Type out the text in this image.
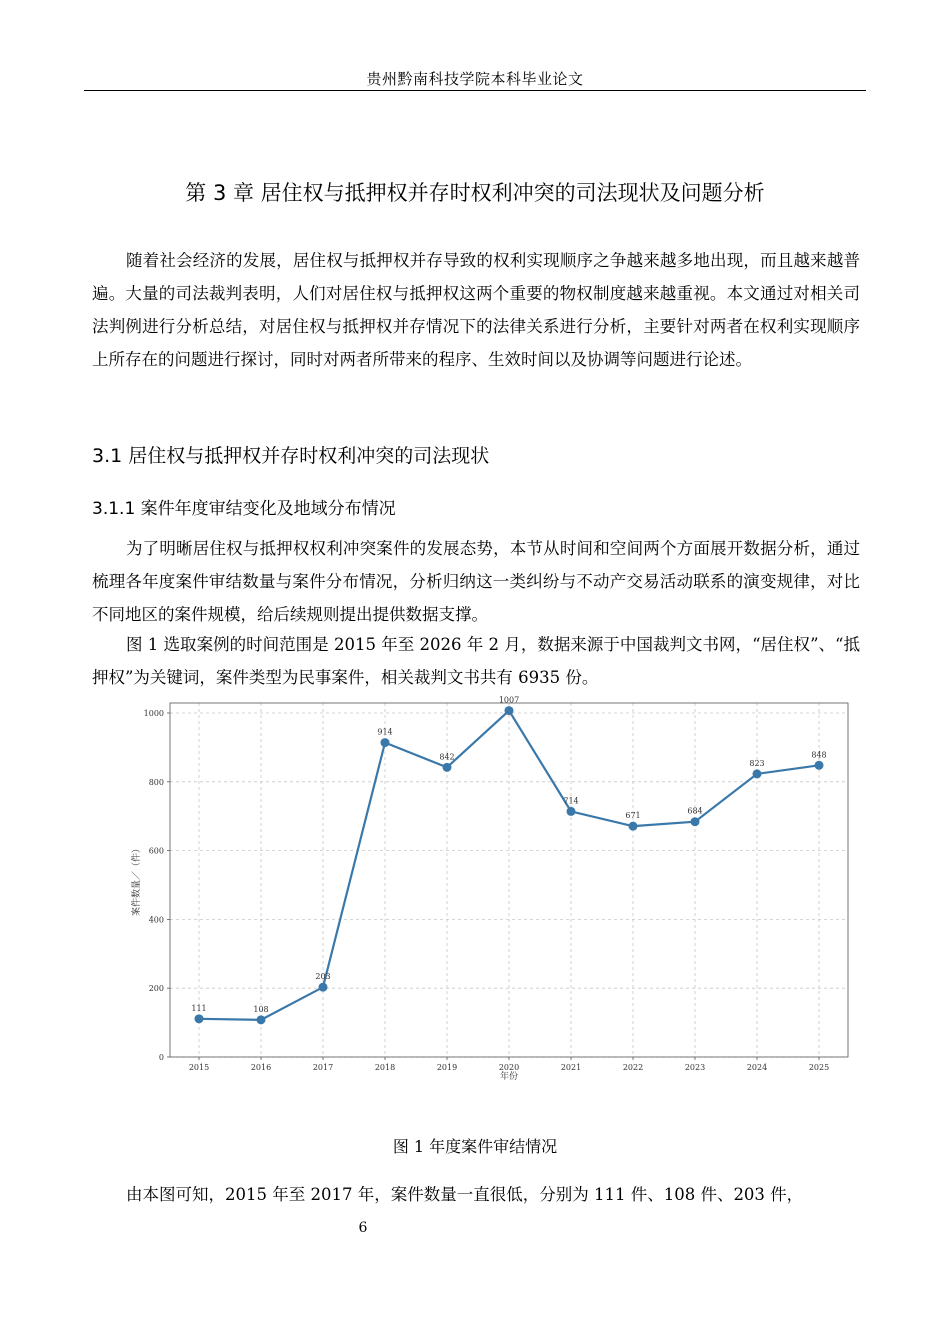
贵州黔南科技学院本科毕业论文
第 3 章 居住权与抵押权并存时权利冲突的司法现状及问题分析

随着社会经济的发展，居住权与抵押权并存导致的权利实现顺序之争越来越多地出现，而且越来越普遍。大量的司法裁判表明，人们对居住权与抵押权这两个重要的物权制度越来越重视。本文通过对相关司法判例进行分析总结，对居住权与抵押权并存情况下的法律关系进行分析，主要针对两者在权利实现顺序上所存在的问题进行探讨，同时对两者所带来的程序、生效时间以及协调等问题进行论述。

3.1 居住权与抵押权并存时权利冲突的司法现状
3.1.1 案件年度审结变化及地域分布情况

为了明晰居住权与抵押权权利冲突案件的发展态势，本节从时间和空间两个方面展开数据分析，通过梳理各年度案件审结数量与案件分布情况，分析归纳这一类纠纷与不动产交易活动联系的演变规律，对比不同地区的案件规模，给后续规则提出提供数据支撑。

图 1 选取案例的时间范围是 2015 年至 2026 年 2 月，数据来源于中国裁判文书网，“居住权”、“抵押权”为关键词，案件类型为民事案件，相关裁判文书共有 6935 份。

0
200
400
600
800
1000
2015	2016	2017	2018	2019	2020	2021	2022	2023	2024	2025
111	108
203
914
842
1007
714
671	684
823
848
年份
案件数量／（件）
图 1 年度案件审结情况

由本图可知，2015 年至 2017 年，案件数量一直很低，分别为 111 件、108 件、203 件，

6
